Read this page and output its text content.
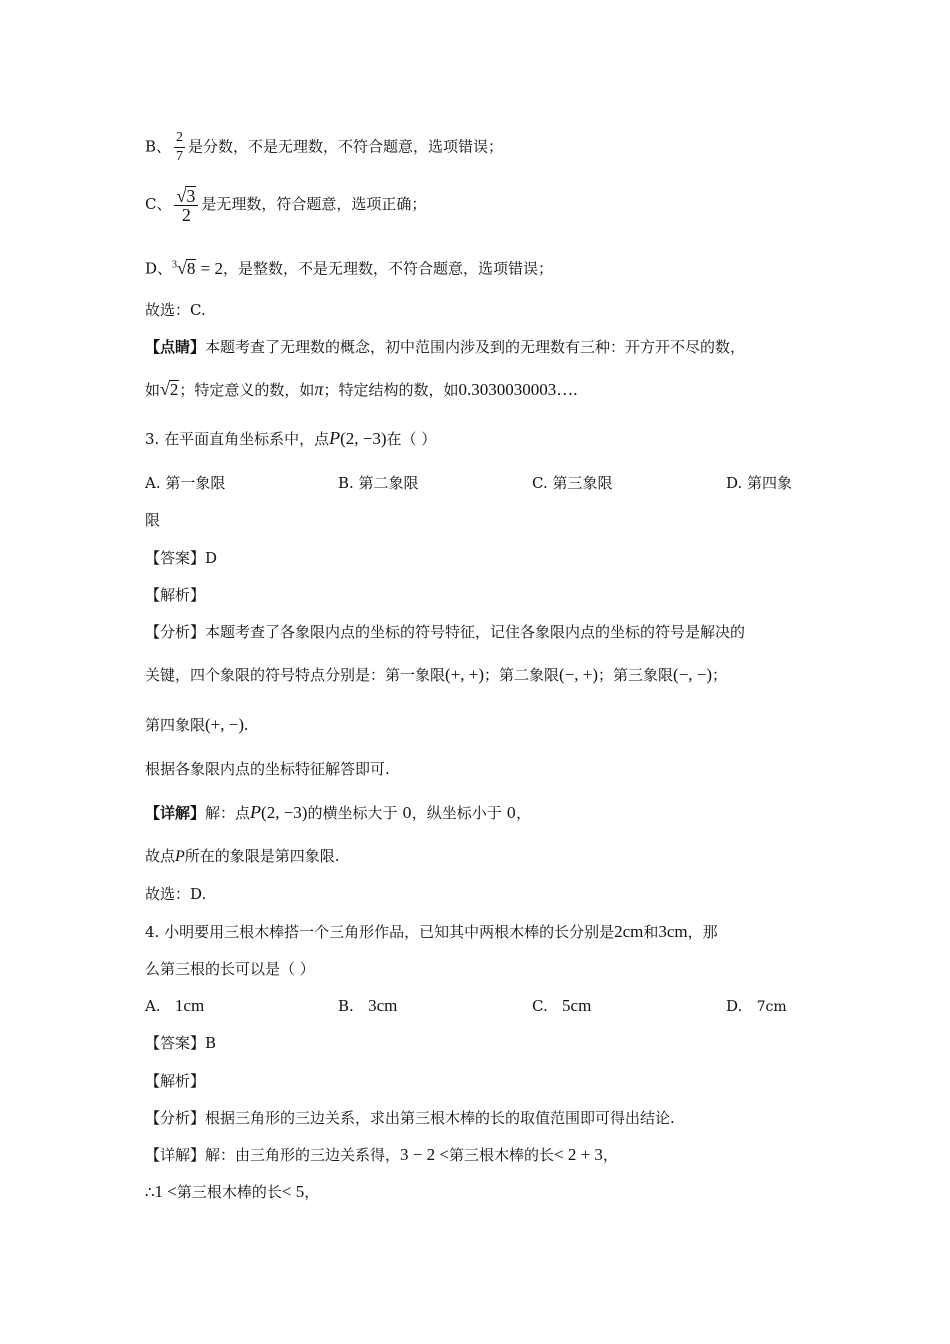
B、 $\frac{2}{7}$ 是分数，不是无理数，不符合题意，选项错误；
C、 $\frac{√3}{2}$ 是无理数，符合题意，选项正确；
D、$^3$√8 = 2，是整数，不是无理数，不符合题意，选项错误；
故选：C.
【点睛】本题考查了无理数的概念，初中范围内涉及到的无理数有三种：开方开不尽的数，
如√2；特定意义的数，如π；特定结构的数，如0.3030030003….
3. 在平面直角坐标系中，点P(2, −3)在（ ）
A. 第一象限	B. 第二象限	C. 第三象限	D. 第四象
限
【答案】D
【解析】
【分析】本题考查了各象限内点的坐标的符号特征，记住各象限内点的坐标的符号是解决的
关键，四个象限的符号特点分别是：第一象限(+, +)；第二象限(−, +)；第三象限(−, −)；
第四象限(+, −).
根据各象限内点的坐标特征解答即可.
【详解】解：点P(2, −3)的横坐标大于 0，纵坐标小于 0，
故点P所在的象限是第四象限.
故选：D.
4. 小明要用三根木棒搭一个三角形作品，已知其中两根木棒的长分别是2cm和3cm，那
么第三根的长可以是（ ）
A. 1cm	B. 3cm	C. 5cm	D. 7cm
【答案】B
【解析】
【分析】根据三角形的三边关系，求出第三根木棒的长的取值范围即可得出结论.
【详解】解：由三角形的三边关系得，3 − 2 <第三根木棒的长< 2 + 3，
∴1 <第三根木棒的长< 5，
